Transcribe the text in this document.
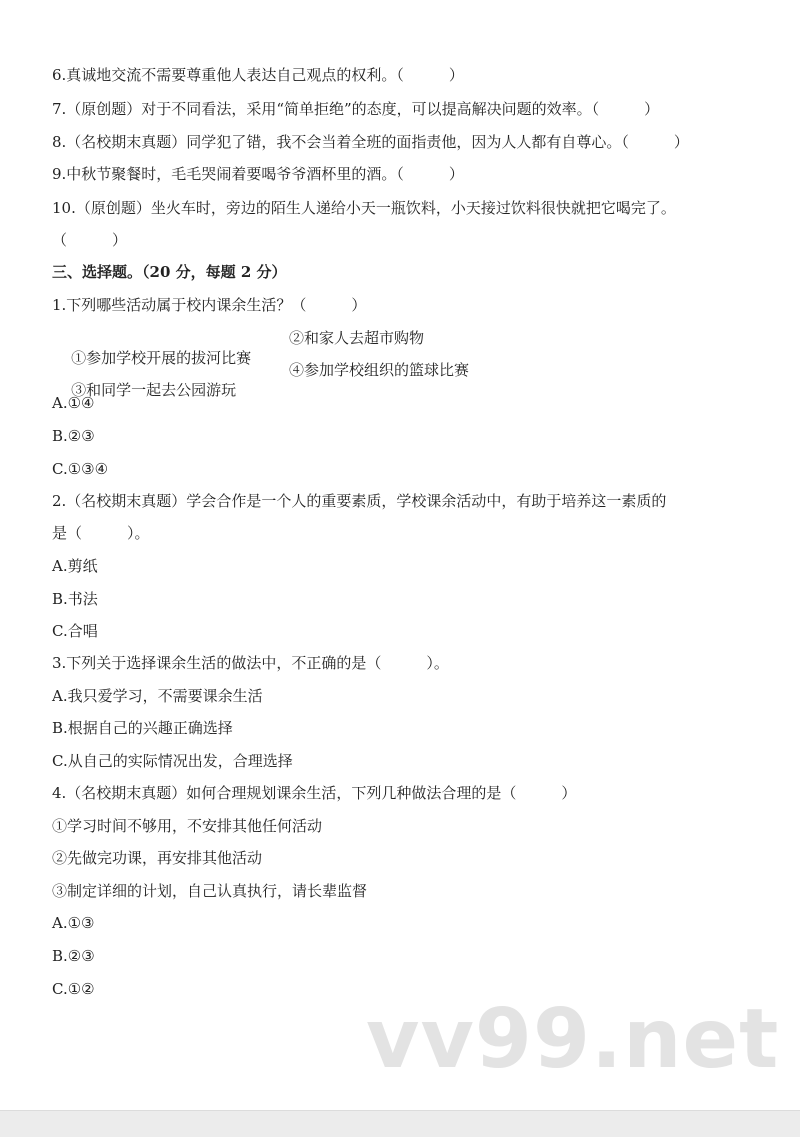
6.真诚地交流不需要尊重他人表达自己观点的权利。（　　　）
7.（原创题）对于不同看法，采用“简单拒绝”的态度，可以提高解决问题的效率。（　　　）
8.（名校期末真题）同学犯了错，我不会当着全班的面指责他，因为人人都有自尊心。（　　　）
9.中秋节聚餐时，毛毛哭闹着要喝爷爷酒杯里的酒。（　　　）
10.（原创题）坐火车时，旁边的陌生人递给小天一瓶饮料，小天接过饮料很快就把它喝完了。
（　　　）
三、选择题。（20 分，每题 2 分）
1.下列哪些活动属于校内课余生活？（　　　）

①参加学校开展的拔河比赛

②和家人去超市购物

③和同学一起去公园游玩

④参加学校组织的篮球比赛

A.①④
B.②③
C.①③④
2.（名校期末真题）学会合作是一个人的重要素质，学校课余活动中，有助于培养这一素质的
是（　　　）。
A.剪纸
B.书法
C.合唱
3.下列关于选择课余生活的做法中，不正确的是（　　　）。
A.我只爱学习，不需要课余生活
B.根据自己的兴趣正确选择
C.从自己的实际情况出发，合理选择
4.（名校期末真题）如何合理规划课余生活，下列几种做法合理的是（　　　）
①学习时间不够用，不安排其他任何活动
②先做完功课，再安排其他活动
③制定详细的计划，自己认真执行，请长辈监督
A.①③
B.②③
C.①②
vv99.net
